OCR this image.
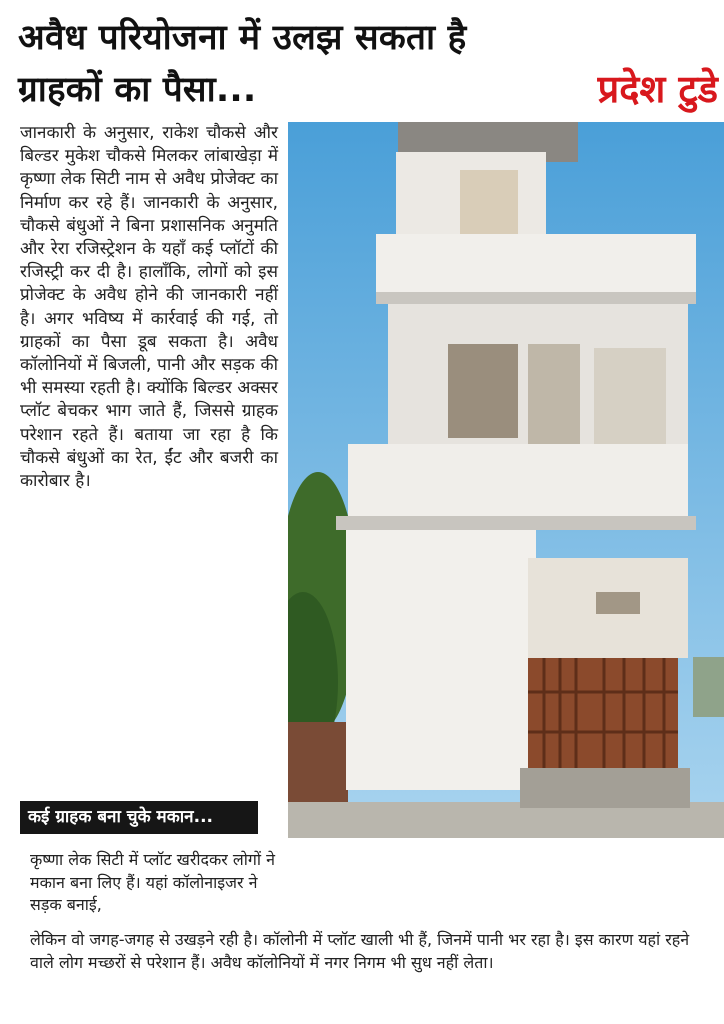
अवैध परियोजना में उलझ सकता है
ग्राहकों का पैसा...	प्रदेश टुडे

जानकारी के अनुसार, राकेश चौकसे और बिल्डर मुकेश चौकसे मिलकर लांबाखेड़ा में कृष्णा लेक सिटी नाम से अवैध प्रोजेक्ट का निर्माण कर रहे हैं। जानकारी के अनुसार, चौकसे बंधुओं ने बिना प्रशासनिक अनुमति और रेरा रजिस्ट्रेशन के यहाँ कई प्लॉटों की रजिस्ट्री कर दी है। हालाँकि, लोगों को इस प्रोजेक्ट के अवैध होने की जानकारी नहीं है। अगर भविष्य में कार्रवाई की गई, तो ग्राहकों का पैसा डूब सकता है। अवैध कॉलोनियों में बिजली, पानी और सड़क की भी समस्या रहती है। क्योंकि बिल्डर अक्सर प्लॉट बेचकर भाग जाते हैं, जिससे ग्राहक परेशान रहते हैं। बताया जा रहा है कि चौकसे बंधुओं का रेत, ईंट और बजरी का कारोबार है।

कई ग्राहक बना चुके मकान...

कृष्णा लेक सिटी में प्लॉट खरीदकर लोगों ने मकान बना लिए हैं। यहां कॉलोनाइजर ने सड़क बनाई,

लेकिन वो जगह-जगह से उखड़ने रही है। कॉलोनी में प्लॉट खाली भी हैं, जिनमें पानी भर रहा है। इस कारण यहां रहने वाले लोग मच्छरों से परेशान हैं। अवैध कॉलोनियों में नगर निगम भी सुध नहीं लेता।
